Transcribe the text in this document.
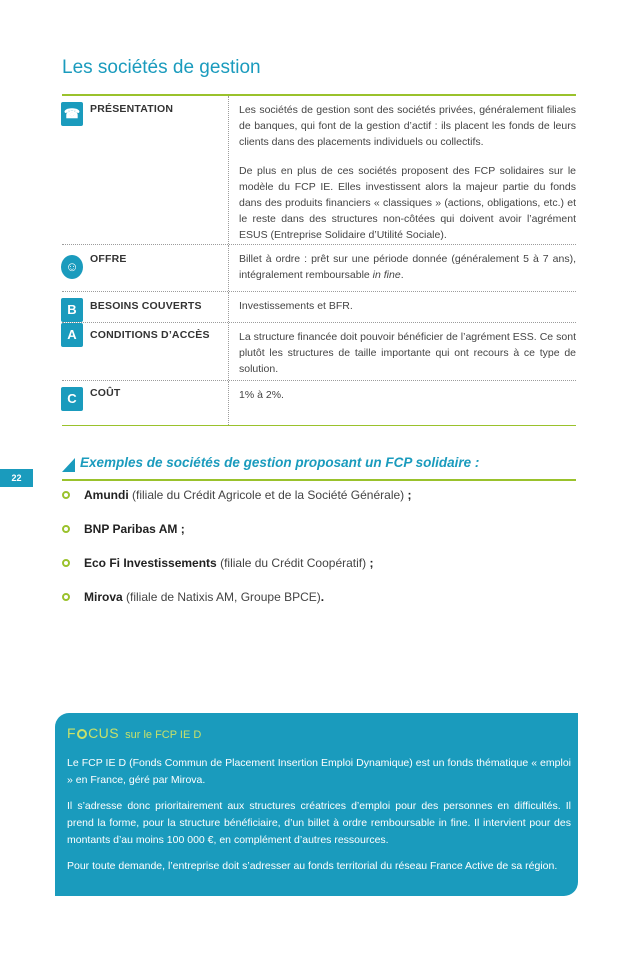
22
Les sociétés de gestion
☎ PRÉSENTATION	Les sociétés de gestion sont des sociétés privées, généralement filiales de banques, qui font de la gestion d’actif : ils placent les fonds de leurs clients dans des placements individuels ou collectifs.

De plus en plus de ces sociétés proposent des FCP solidaires sur le modèle du FCP IE. Elles investissent alors la majeur partie du fonds dans des produits financiers « classiques » (actions, obligations, etc.) et le reste dans des structures non-côtées qui doivent avoir l’agrément ESUS (Entreprise Solidaire d’Utilité Sociale).

☺	OFFRE	Billet à ordre : prêt sur une période donnée (généralement 5 à 7 ans), intégralement remboursable in fine.
B	BESOINS COUVERTS	Investissements et BFR.
A	CONDITIONS D’ACCÈS	La structure financée doit pouvoir bénéficier de l’agrément ESS. Ce sont plutôt les structures de taille importante qui ont recours à ce type de solution.
C	COÛT	1% à 2%.
Exemples de sociétés de gestion proposant un FCP solidaire :
Amundi (filiale du Crédit Agricole et de la Société Générale) ;
BNP Paribas AM ;
Eco Fi Investissements (filiale du Crédit Coopératif) ;
Mirova (filiale de Natixis AM, Groupe BPCE).
F CUS sur le FCP IE D

Le FCP IE D (Fonds Commun de Placement Insertion Emploi Dynamique) est un fonds thématique « emploi » en France, géré par Mirova.

Il s’adresse donc prioritairement aux structures créatrices d’emploi pour des personnes en difficultés. Il prend la forme, pour la structure bénéficiaire, d’un billet à ordre remboursable in fine. Il intervient pour des montants d’au moins 100 000 €, en complément d’autres ressources.

Pour toute demande, l’entreprise doit s’adresser au fonds territorial du réseau France Active de sa région.
